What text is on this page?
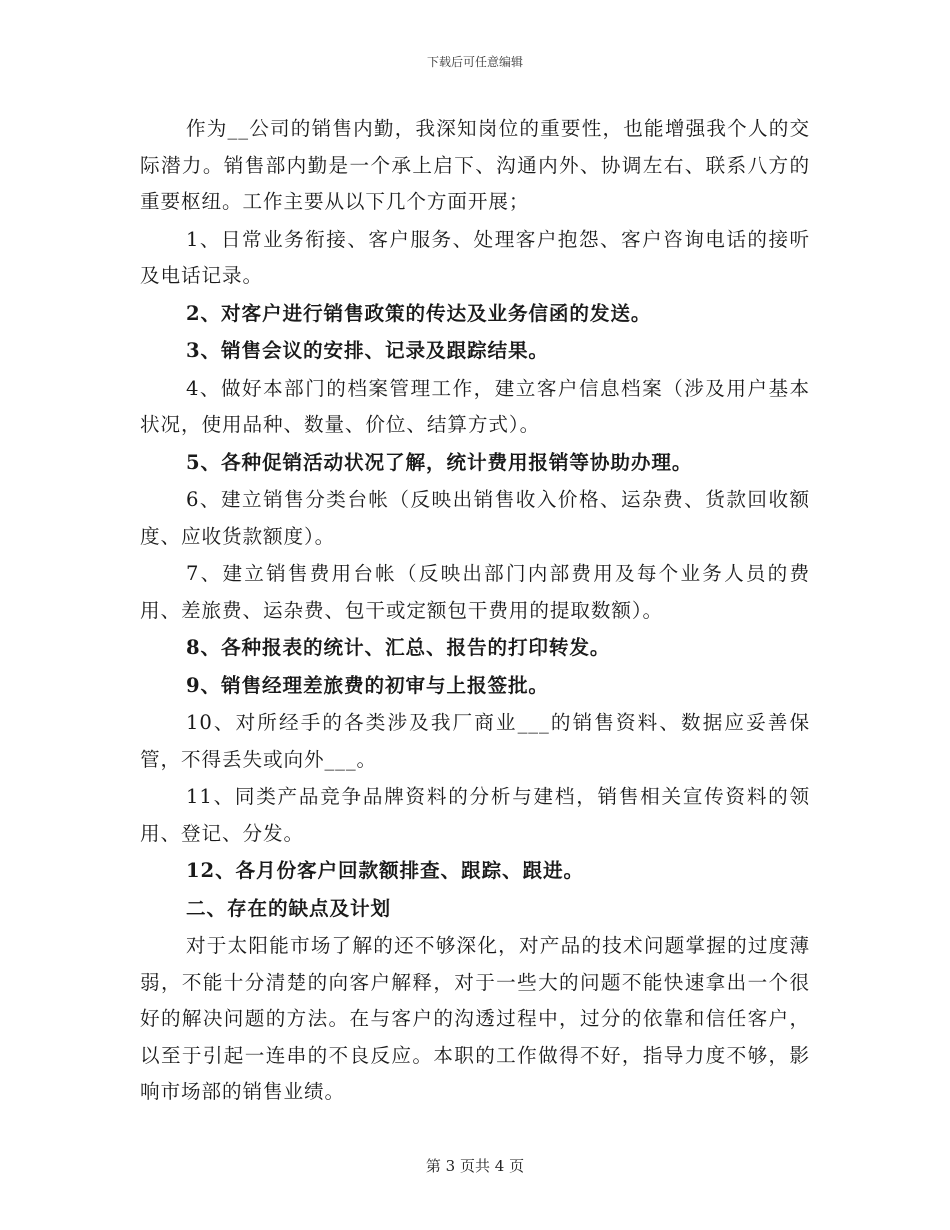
下载后可任意编辑

作为__公司的销售内勤，我深知岗位的重要性，也能增强我个人的交际潜力。销售部内勤是一个承上启下、沟通内外、协调左右、联系八方的重要枢纽。工作主要从以下几个方面开展；

1、日常业务衔接、客户服务、处理客户抱怨、客户咨询电话的接听及电话记录。

2、对客户进行销售政策的传达及业务信函的发送。

3、销售会议的安排、记录及跟踪结果。

4、做好本部门的档案管理工作，建立客户信息档案（涉及用户基本状况，使用品种、数量、价位、结算方式）。

5、各种促销活动状况了解，统计费用报销等协助办理。

6、建立销售分类台帐（反映出销售收入价格、运杂费、货款回收额度、应收货款额度）。

7、建立销售费用台帐（反映出部门内部费用及每个业务人员的费用、差旅费、运杂费、包干或定额包干费用的提取数额）。

8、各种报表的统计、汇总、报告的打印转发。

9、销售经理差旅费的初审与上报签批。

10、对所经手的各类涉及我厂商业___的销售资料、数据应妥善保管，不得丢失或向外___。

11、同类产品竞争品牌资料的分析与建档，销售相关宣传资料的领用、登记、分发。

12、各月份客户回款额排查、跟踪、跟进。

二、存在的缺点及计划

对于太阳能市场了解的还不够深化，对产品的技术问题掌握的过度薄弱，不能十分清楚的向客户解释，对于一些大的问题不能快速拿出一个很好的解决问题的方法。在与客户的沟透过程中，过分的依靠和信任客户，以至于引起一连串的不良反应。本职的工作做得不好，指导力度不够，影响市场部的销售业绩。

第 3 页共 4 页
